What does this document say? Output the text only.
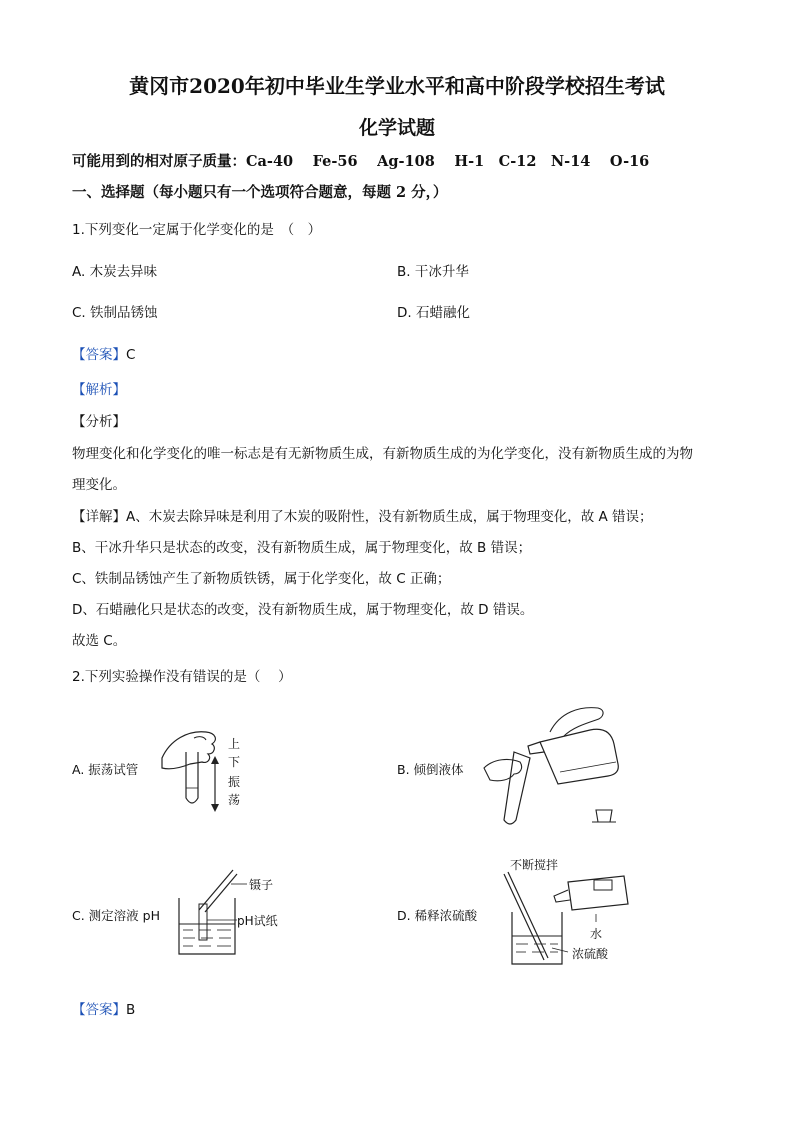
黄冈市2020年初中毕业生学业水平和高中阶段学校招生考试
化学试题
可能用到的相对原子质量：Ca-40　 Fe-56　 Ag-108　 H-1　C-12　N-14　 O-16
一、选择题（每小题只有一个选项符合题意，每题 2 分，）
1.下列变化一定属于化学变化的是　（　）
A. 木炭去异味	B. 干冰升华
C. 铁制品锈蚀	D. 石蜡融化
【答案】C
【解析】
【分析】
物理变化和化学变化的唯一标志是有无新物质生成，有新物质生成的为化学变化，没有新物质生成的为物
理变化。
【详解】A、木炭去除异味是利用了木炭的吸附性，没有新物质生成，属于物理变化，故 A 错误；
B、干冰升华只是状态的改变，没有新物质生成，属于物理变化，故 B 错误；
C、铁制品锈蚀产生了新物质铁锈，属于化学变化，故 C 正确；
D、石蜡融化只是状态的改变，没有新物质生成，属于物理变化，故 D 错误。
故选 C。
2.下列实验操作没有错误的是（　 ）
A. 振荡试管	B. 倾倒液体
C. 测定溶液 pH	D. 稀释浓硫酸
上
下
振
荡
镊子
pH试纸
不断搅拌
水
浓硫酸
【答案】B
